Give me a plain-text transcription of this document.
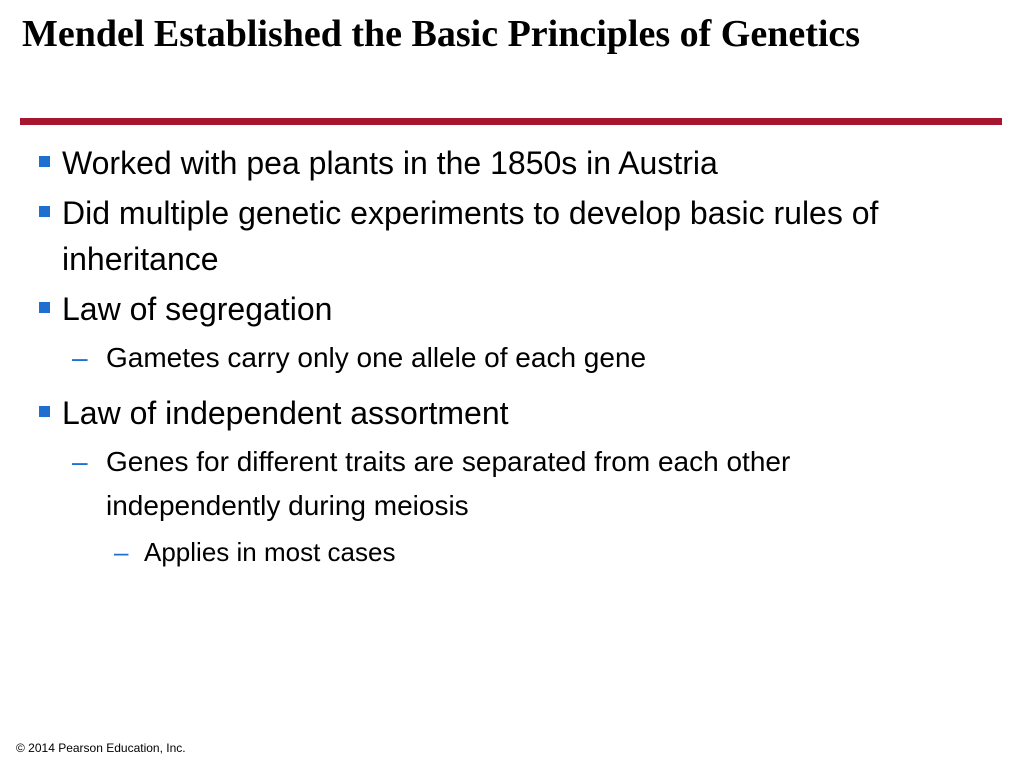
Mendel Established the Basic Principles of Genetics
Worked with pea plants in the 1850s in Austria
Did multiple genetic experiments to develop basic rules of inheritance
Law of segregation
– Gametes carry only one allele of each gene
Law of independent assortment
– Genes for different traits are separated from each other independently during meiosis
– Applies in most cases
© 2014 Pearson Education, Inc.
